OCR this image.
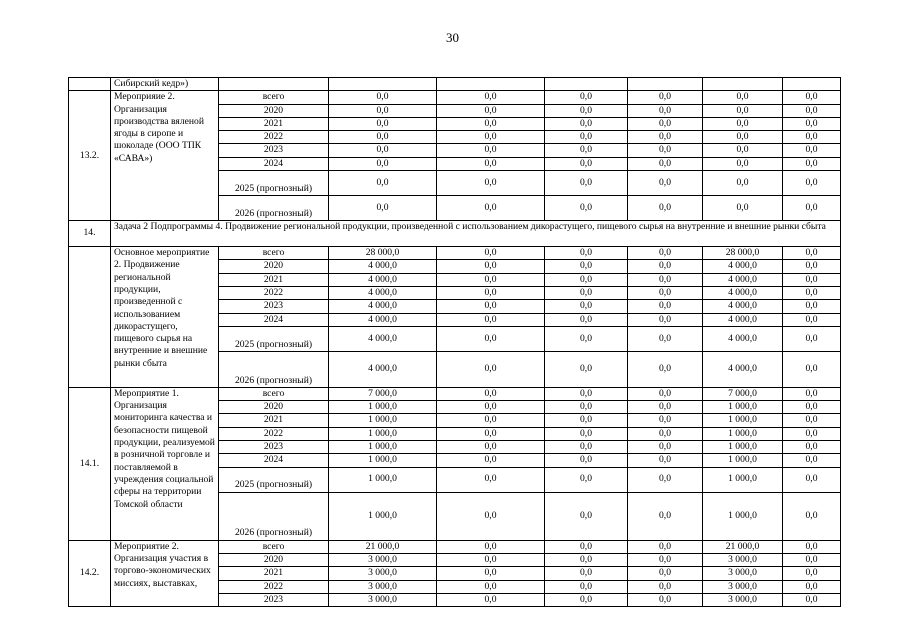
30
	Сибирский кедр»)							
13.2.	Мероприяие 2. Организация производства вяленой ягоды в сиропе и шоколаде (ООО ТПК «САВА»)	всего	0,0	0,0	0,0	0,0	0,0	0,0
		2020	0,0	0,0	0,0	0,0	0,0	0,0
		2021	0,0	0,0	0,0	0,0	0,0	0,0
		2022	0,0	0,0	0,0	0,0	0,0	0,0
		2023	0,0	0,0	0,0	0,0	0,0	0,0
		2024	0,0	0,0	0,0	0,0	0,0	0,0
		2025 (прогнозный)	0,0	0,0	0,0	0,0	0,0	0,0
		2026 (прогнозный)	0,0	0,0	0,0	0,0	0,0	0,0
14.	Задача 2 Подпрограммы 4. Продвижение региональной продукции, произведенной с использованием дикорастущего, пищевого сырья на внутренние и внешние рынки сбыта							
	Основное мероприятие 2. Продвижение региональной продукции, произведенной с использованием дикорастущего, пищевого сырья на внутренние и внешние рынки сбыта	всего	28 000,0	0,0	0,0	0,0	28 000,0	0,0
		2020	4 000,0	0,0	0,0	0,0	4 000,0	0,0
		2021	4 000,0	0,0	0,0	0,0	4 000,0	0,0
		2022	4 000,0	0,0	0,0	0,0	4 000,0	0,0
		2023	4 000,0	0,0	0,0	0,0	4 000,0	0,0
		2024	4 000,0	0,0	0,0	0,0	4 000,0	0,0
		2025 (прогнозный)	4 000,0	0,0	0,0	0,0	4 000,0	0,0
		2026 (прогнозный)	4 000,0	0,0	0,0	0,0	4 000,0	0,0
14.1.	Мероприятие 1. Организация мониторинга качества и безопасности пищевой продукции, реализуемой в розничной торговле и поставляемой в учреждения социальной сферы на территории Томской области	всего	7 000,0	0,0	0,0	0,0	7 000,0	0,0
		2020	1 000,0	0,0	0,0	0,0	1 000,0	0,0
		2021	1 000,0	0,0	0,0	0,0	1 000,0	0,0
		2022	1 000,0	0,0	0,0	0,0	1 000,0	0,0
		2023	1 000,0	0,0	0,0	0,0	1 000,0	0,0
		2024	1 000,0	0,0	0,0	0,0	1 000,0	0,0
		2025 (прогнозный)	1 000,0	0,0	0,0	0,0	1 000,0	0,0
		2026 (прогнозный)	1 000,0	0,0	0,0	0,0	1 000,0	0,0
14.2.	Мероприятие 2. Организация участия в торгово-экономических миссиях, выставках,	всего	21 000,0	0,0	0,0	0,0	21 000,0	0,0
		2020	3 000,0	0,0	0,0	0,0	3 000,0	0,0
		2021	3 000,0	0,0	0,0	0,0	3 000,0	0,0
		2022	3 000,0	0,0	0,0	0,0	3 000,0	0,0
		2023	3 000,0	0,0	0,0	0,0	3 000,0	0,0
